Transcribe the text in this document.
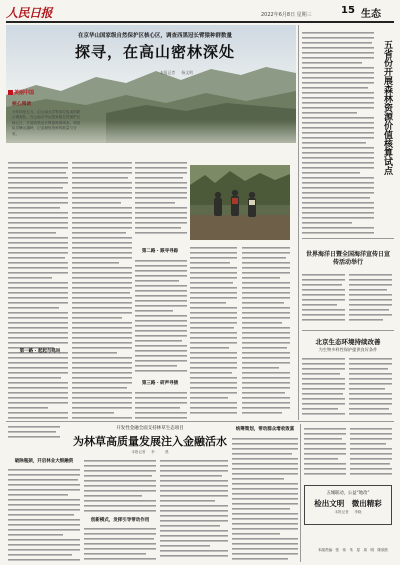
人民日报	2022年6月8日 星期三	15 生态
在京华山国家级自然保护区核心区，调查西黑冠长臂猿种群数量
探寻，在高山密林深处
本报记者 　 杨文明
美丽中国
核心阅读
今年四至五月，由云南大学等单位组成的联合调查队，在云南京华山国家级自然保护区核心区，开展西黑冠长臂猿种群调查。调查队员攀山越岭，记录濒危物种的数量与分布。
第一路 · 起起与鸣叫
第二路 · 跟寻寻踪
第三路 · 研声寻猿
五省份开展森林资源价值核算试点
世界海洋日暨全国海洋宣传日宣传活动举行
北京生态环境持续改善
为生物多样性保护提供良好条件
开发性金融全面支持林草生态项目
为林草高质量发展注入金融活水
本报记者 　 李　　　晨
破除瓶颈，开启林业大银融资
创新模式，发挥引导带动作用
统筹策划，带动群众增收致富
五城联动，公益“地改”
检出文明　微出精彩
本报记者 　 李晓
本版责编：张　伟　朱　星　周　明　陈欣欣
